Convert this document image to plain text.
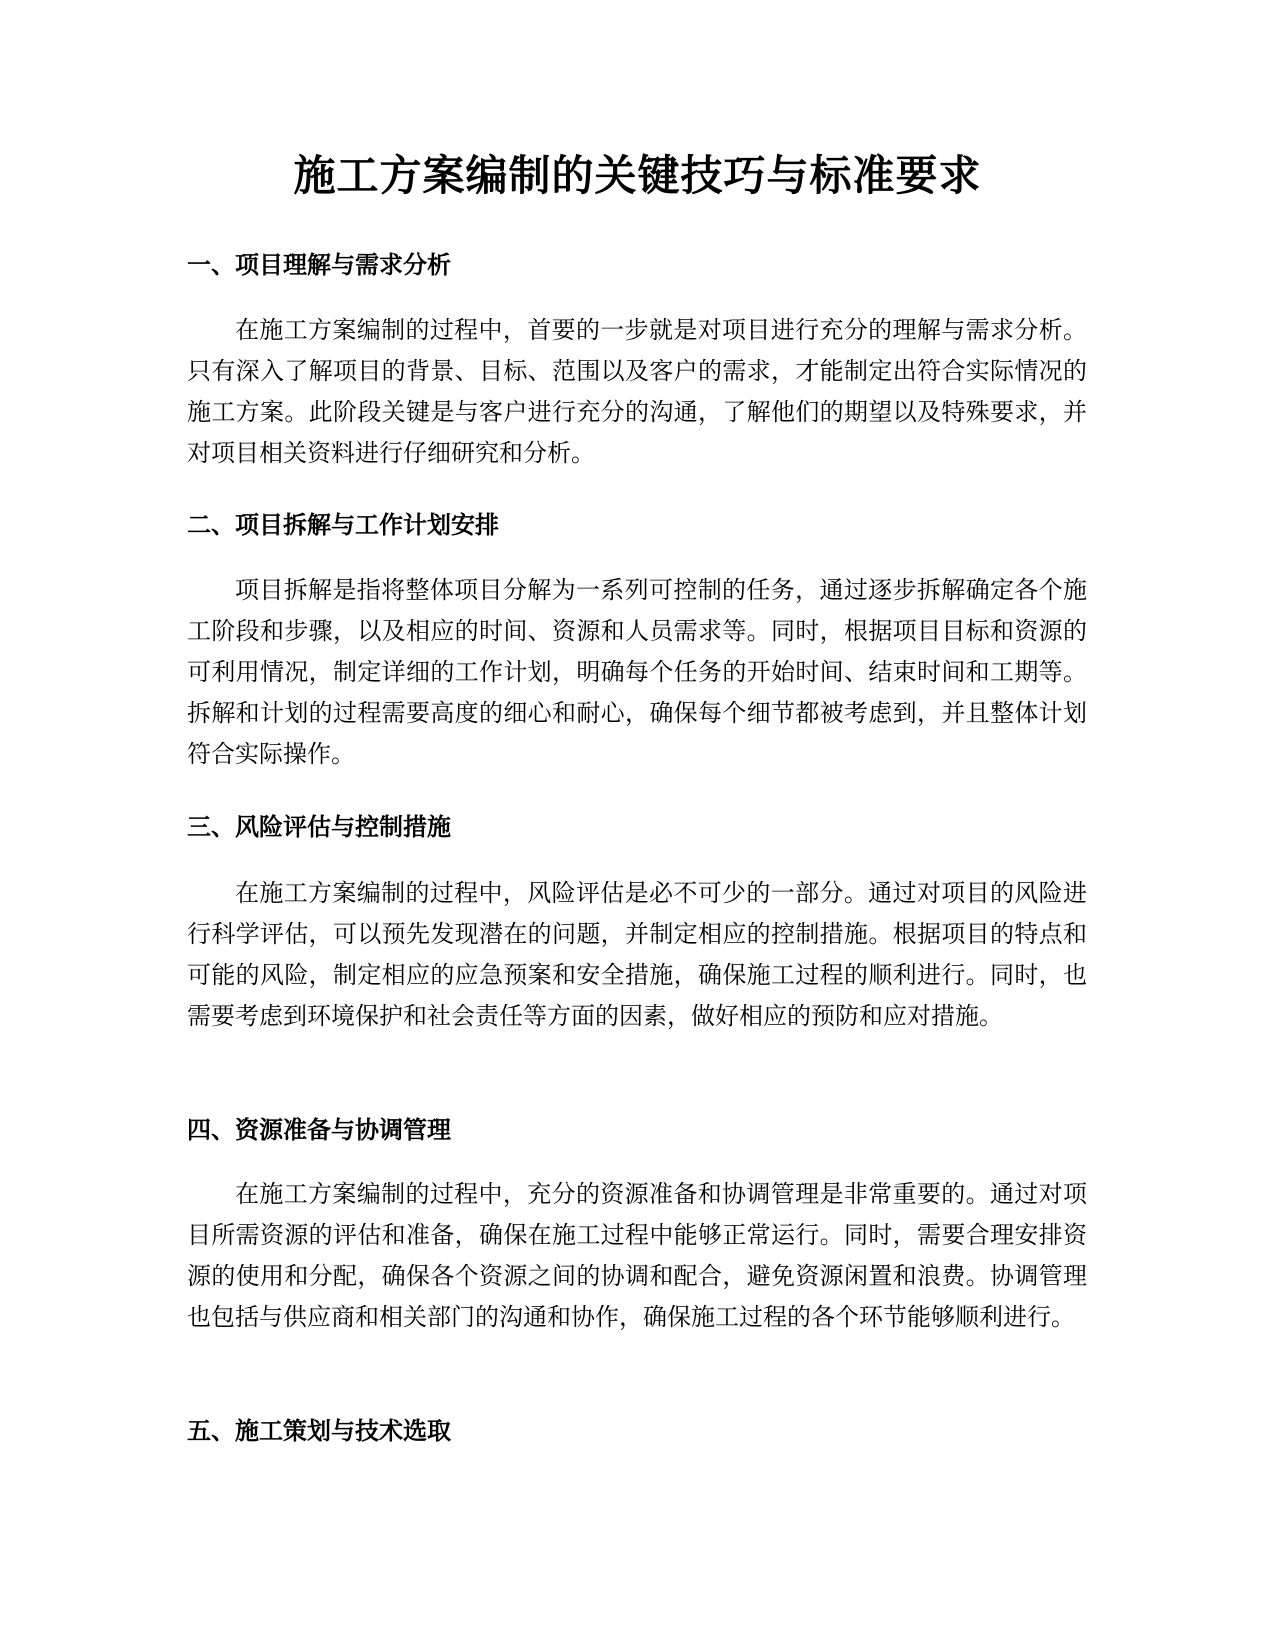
施工方案编制的关键技巧与标准要求
一、项目理解与需求分析

在施工方案编制的过程中，首要的一步就是对项目进行充分的理解与需求分析。只有深入了解项目的背景、目标、范围以及客户的需求，才能制定出符合实际情况的施工方案。此阶段关键是与客户进行充分的沟通，了解他们的期望以及特殊要求，并对项目相关资料进行仔细研究和分析。

二、项目拆解与工作计划安排

项目拆解是指将整体项目分解为一系列可控制的任务，通过逐步拆解确定各个施工阶段和步骤，以及相应的时间、资源和人员需求等。同时，根据项目目标和资源的可利用情况，制定详细的工作计划，明确每个任务的开始时间、结束时间和工期等。拆解和计划的过程需要高度的细心和耐心，确保每个细节都被考虑到，并且整体计划符合实际操作。

三、风险评估与控制措施

在施工方案编制的过程中，风险评估是必不可少的一部分。通过对项目的风险进行科学评估，可以预先发现潜在的问题，并制定相应的控制措施。根据项目的特点和可能的风险，制定相应的应急预案和安全措施，确保施工过程的顺利进行。同时，也需要考虑到环境保护和社会责任等方面的因素，做好相应的预防和应对措施。

四、资源准备与协调管理

在施工方案编制的过程中，充分的资源准备和协调管理是非常重要的。通过对项目所需资源的评估和准备，确保在施工过程中能够正常运行。同时，需要合理安排资源的使用和分配，确保各个资源之间的协调和配合，避免资源闲置和浪费。协调管理也包括与供应商和相关部门的沟通和协作，确保施工过程的各个环节能够顺利进行。

五、施工策划与技术选取
